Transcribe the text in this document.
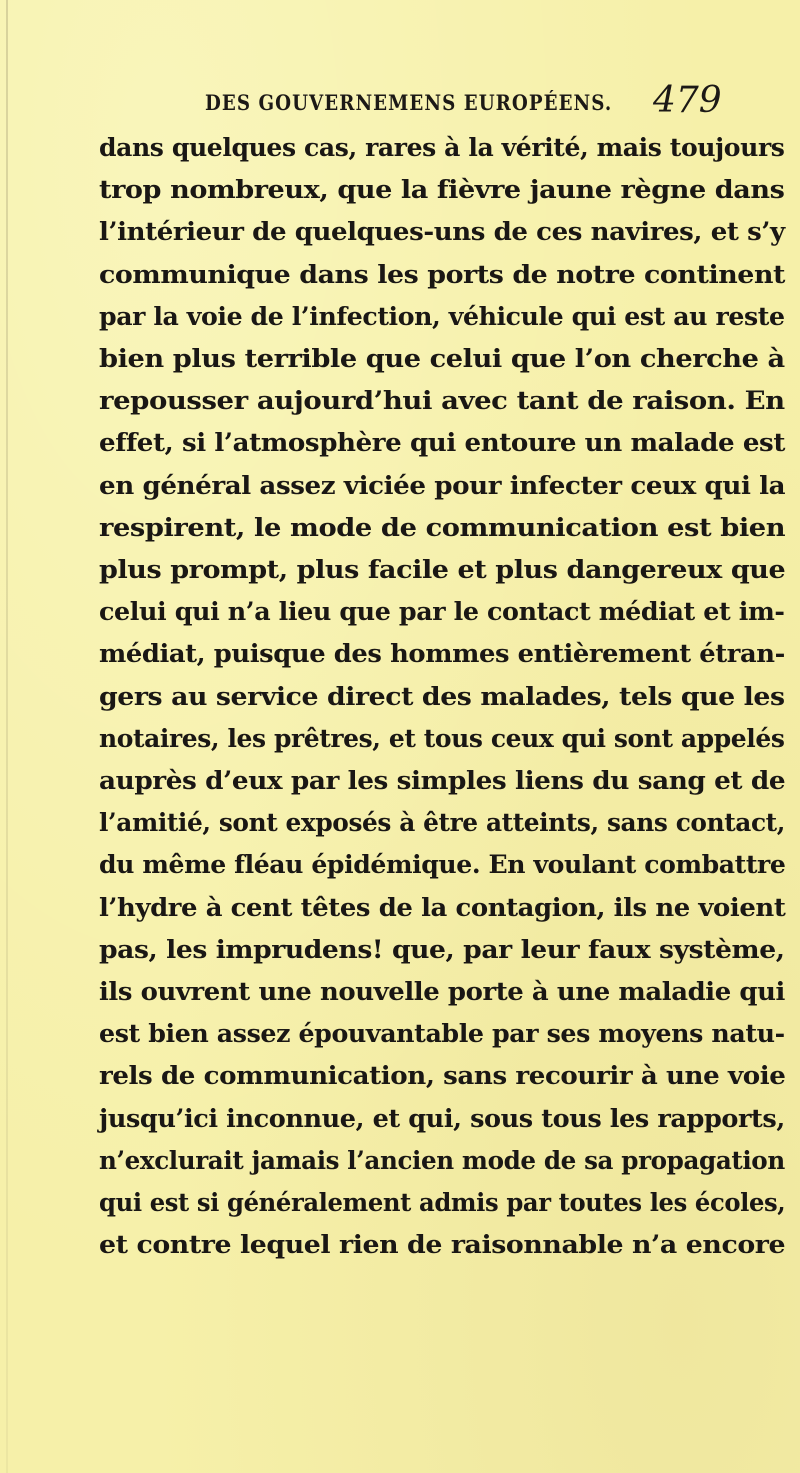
DES GOUVERNEMENS EUROPÉENS. 479
dans quelques cas, rares à la vérité, mais toujours
trop nombreux, que la fièvre jaune règne dans
l’intérieur de quelques-uns de ces navires, et s’y
communique dans les ports de notre continent
par la voie de l’infection, véhicule qui est au reste
bien plus terrible que celui que l’on cherche à
repousser aujourd’hui avec tant de raison. En
effet, si l’atmosphère qui entoure un malade est
en général assez viciée pour infecter ceux qui la
respirent, le mode de communication est bien
plus prompt, plus facile et plus dangereux que
celui qui n’a lieu que par le contact médiat et im-
médiat, puisque des hommes entièrement étran-
gers au service direct des malades, tels que les
notaires, les prêtres, et tous ceux qui sont appelés
auprès d’eux par les simples liens du sang et de
l’amitié, sont exposés à être atteints, sans contact,
du même fléau épidémique. En voulant combattre
l’hydre à cent têtes de la contagion, ils ne voient
pas, les imprudens! que, par leur faux système,
ils ouvrent une nouvelle porte à une maladie qui
est bien assez épouvantable par ses moyens natu-
rels de communication, sans recourir à une voie
jusqu’ici inconnue, et qui, sous tous les rapports,
n’exclurait jamais l’ancien mode de sa propagation
qui est si généralement admis par toutes les écoles,
et contre lequel rien de raisonnable n’a encore
